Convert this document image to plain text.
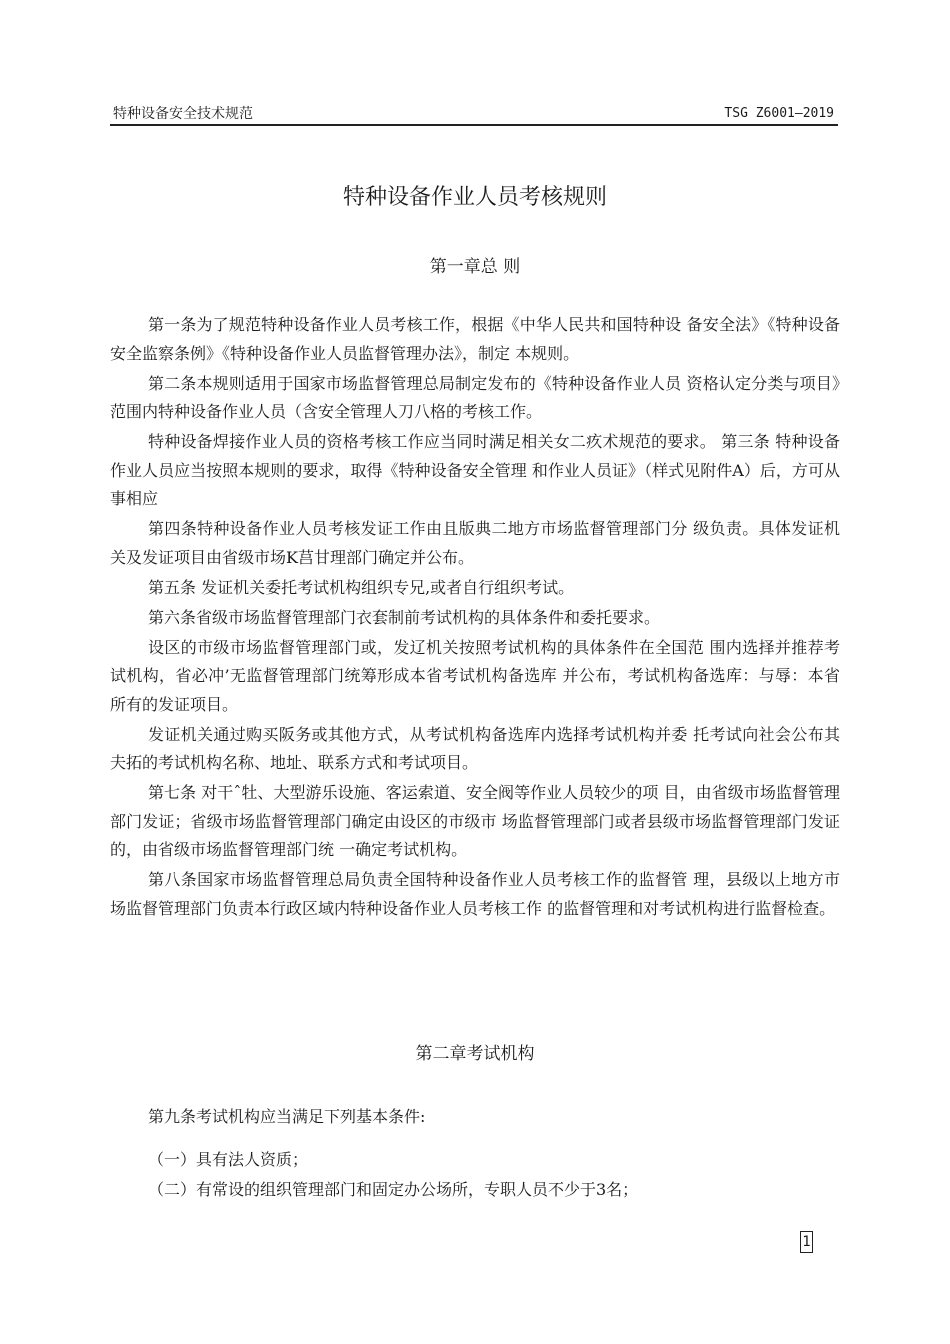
特种设备安全技术规范	TSG Z6001—2019
特种设备作业人员考核规则
第一章总 则

第一条为了规范特种设备作业人员考核工作，根据《中华人民共和国特种设 备安全法》《特种设备安全监察条例》《特种设备作业人员监督管理办法》，制定 本规则。

第二条本规则适用于国家市场监督管理总局制定发布的《特种设备作业人员 资格认定分类与项目》范围内特种设备作业人员（含安全管理人刀八格的考核工作。

特种设备焊接作业人员的资格考核工作应当同时满足相关女二疚术规范的要求。 第三条 特种设备作业人员应当按照本规则的要求，取得《特种设备安全管理 和作业人员证》（样式见附件A）后，方可从事相应

第四条特种设备作业人员考核发证工作由且版典二地方市场监督管理部门分 级负责。具体发证机关及发证项目由省级市场K莒甘理部门确定并公布。

第五条 发证机关委托考试机构组织专兄,或者自行组织考试。

第六条省级市场监督管理部门衣套制前考试机构的具体条件和委托要求。

设区的市级市场监督管理部门或，发辽机关按照考试机构的具体条件在全国范 围内选择并推荐考试机构，省必冲’无监督管理部门统筹形成本省考试机构备选库 并公布，考试机构备选库：与辱：本省所有的发证项目。

发证机关通过购买阪务或其他方式，从考试机构备选库内选择考试机构并委 托考试向社会公布其夫拓的考试机构名称、地址、联系方式和考试项目。

第七条 对干ˆ牡、大型游乐设施、客运索道、安全阀等作业人员较少的项 目，由省级市场监督管理部门发证；省级市场监督管理部门确定由设区的市级市 场监督管理部门或者县级市场监督管理部门发证的，由省级市场监督管理部门统 一确定考试机构。

第八条国家市场监督管理总局负责全国特种设备作业人员考核工作的监督管 理，县级以上地方市场监督管理部门负责本行政区域内特种设备作业人员考核工作 的监督管理和对考试机构进行监督检查。

第二章考试机构

第九条考试机构应当满足下列基本条件:

（一）具有法人资质；

（二）有常设的组织管理部门和固定办公场所，专职人员不少于3名；

1
